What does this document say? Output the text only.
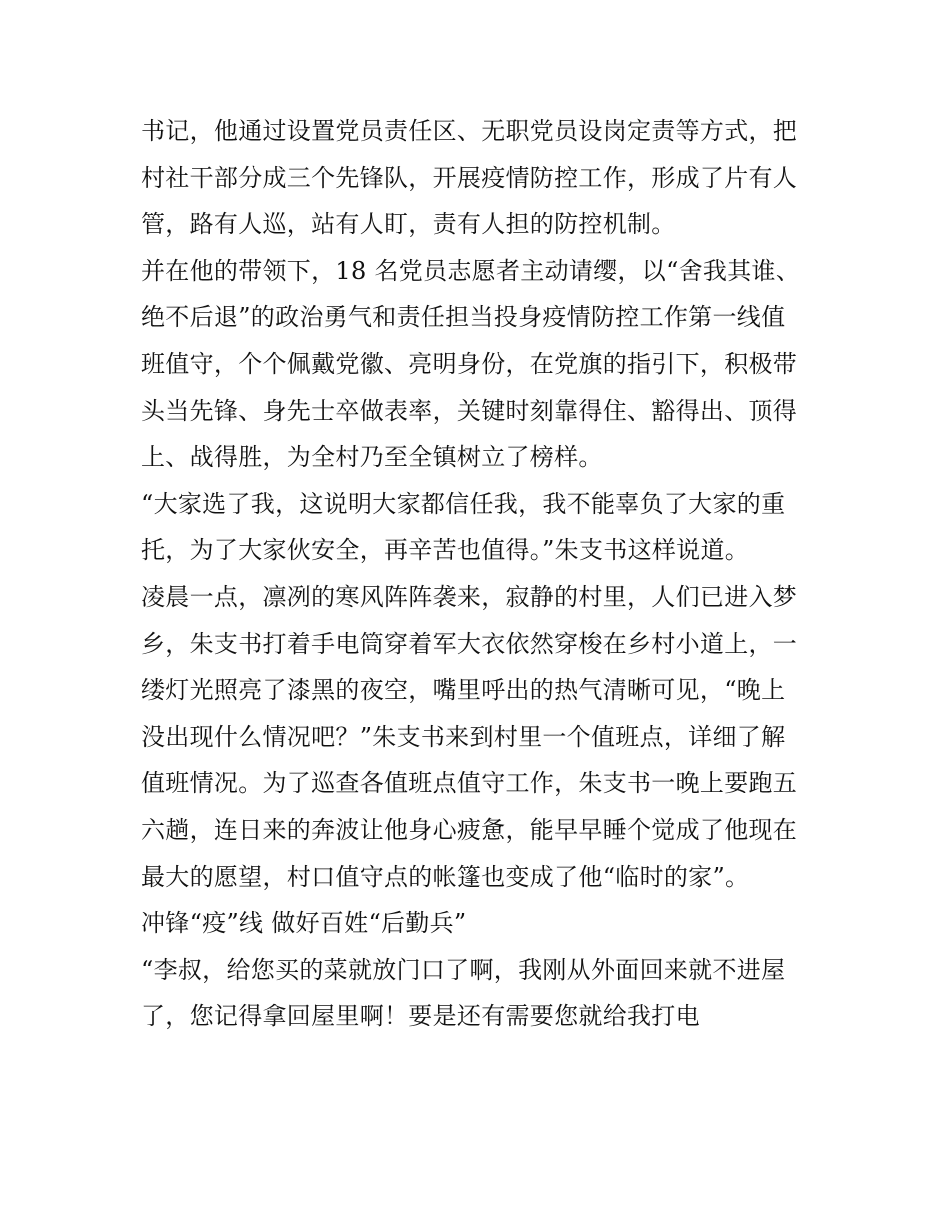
书记，他通过设置党员责任区、无职党员设岗定责等方式，把
村社干部分成三个先锋队，开展疫情防控工作，形成了片有人
管，路有人巡，站有人盯，责有人担的防控机制。
并在他的带领下，18 名党员志愿者主动请缨，以“舍我其谁、
绝不后退”的政治勇气和责任担当投身疫情防控工作第一线值
班值守，个个佩戴党徽、亮明身份，在党旗的指引下，积极带
头当先锋、身先士卒做表率，关键时刻靠得住、豁得出、顶得
上、战得胜，为全村乃至全镇树立了榜样。
“大家选了我，这说明大家都信任我，我不能辜负了大家的重
托，为了大家伙安全，再辛苦也值得。”朱支书这样说道。
凌晨一点，凛冽的寒风阵阵袭来，寂静的村里，人们已进入梦
乡，朱支书打着手电筒穿着军大衣依然穿梭在乡村小道上，一
缕灯光照亮了漆黑的夜空，嘴里呼出的热气清晰可见，“晚上
没出现什么情况吧？”朱支书来到村里一个值班点，详细了解
值班情况。为了巡查各值班点值守工作，朱支书一晚上要跑五
六趟，连日来的奔波让他身心疲惫，能早早睡个觉成了他现在
最大的愿望，村口值守点的帐篷也变成了他“临时的家”。
冲锋“疫”线 做好百姓“后勤兵”
“李叔，给您买的菜就放门口了啊，我刚从外面回来就不进屋
了，您记得拿回屋里啊！要是还有需要您就给我打电
